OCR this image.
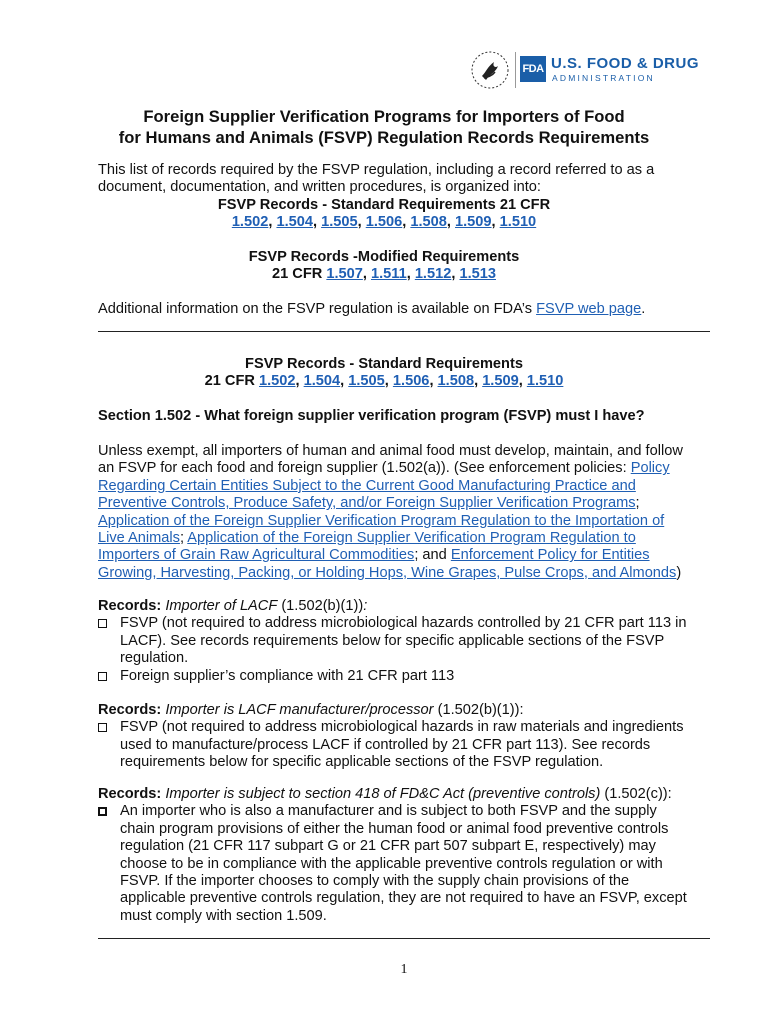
FDA U.S. FOOD & DRUG
ADMINISTRATION
Foreign Supplier Verification Programs for Importers of Food
for Humans and Animals (FSVP) Regulation Records Requirements
This list of records required by the FSVP regulation, including a record referred to as a
document, documentation, and written procedures, is organized into:
FSVP Records - Standard Requirements 21 CFR
1.502, 1.504, 1.505, 1.506, 1.508, 1.509, 1.510
FSVP Records -Modified Requirements
21 CFR 1.507, 1.511, 1.512, 1.513
Additional information on the FSVP regulation is available on FDA’s FSVP web page.
FSVP Records - Standard Requirements
21 CFR 1.502, 1.504, 1.505, 1.506, 1.508, 1.509, 1.510
Section 1.502 - What foreign supplier verification program (FSVP) must I have?
Unless exempt, all importers of human and animal food must develop, maintain, and follow
an FSVP for each food and foreign supplier (1.502(a)). (See enforcement policies: Policy
Regarding Certain Entities Subject to the Current Good Manufacturing Practice and
Preventive Controls, Produce Safety, and/or Foreign Supplier Verification Programs;
Application of the Foreign Supplier Verification Program Regulation to the Importation of
Live Animals; Application of the Foreign Supplier Verification Program Regulation to
Importers of Grain Raw Agricultural Commodities; and Enforcement Policy for Entities
Growing, Harvesting, Packing, or Holding Hops, Wine Grapes, Pulse Crops, and Almonds)
Records: Importer of LACF (1.502(b)(1)):
FSVP (not required to address microbiological hazards controlled by 21 CFR part 113 in
LACF). See records requirements below for specific applicable sections of the FSVP
regulation.
Foreign supplier’s compliance with 21 CFR part 113
Records: Importer is LACF manufacturer/processor (1.502(b)(1)):
FSVP (not required to address microbiological hazards in raw materials and ingredients
used to manufacture/process LACF if controlled by 21 CFR part 113). See records
requirements below for specific applicable sections of the FSVP regulation.
Records: Importer is subject to section 418 of FD&C Act (preventive controls) (1.502(c)):
An importer who is also a manufacturer and is subject to both FSVP and the supply
chain program provisions of either the human food or animal food preventive controls
regulation (21 CFR 117 subpart G or 21 CFR part 507 subpart E, respectively) may
choose to be in compliance with the applicable preventive controls regulation or with
FSVP. If the importer chooses to comply with the supply chain provisions of the
applicable preventive controls regulation, they are not required to have an FSVP, except
must comply with section 1.509.
1
